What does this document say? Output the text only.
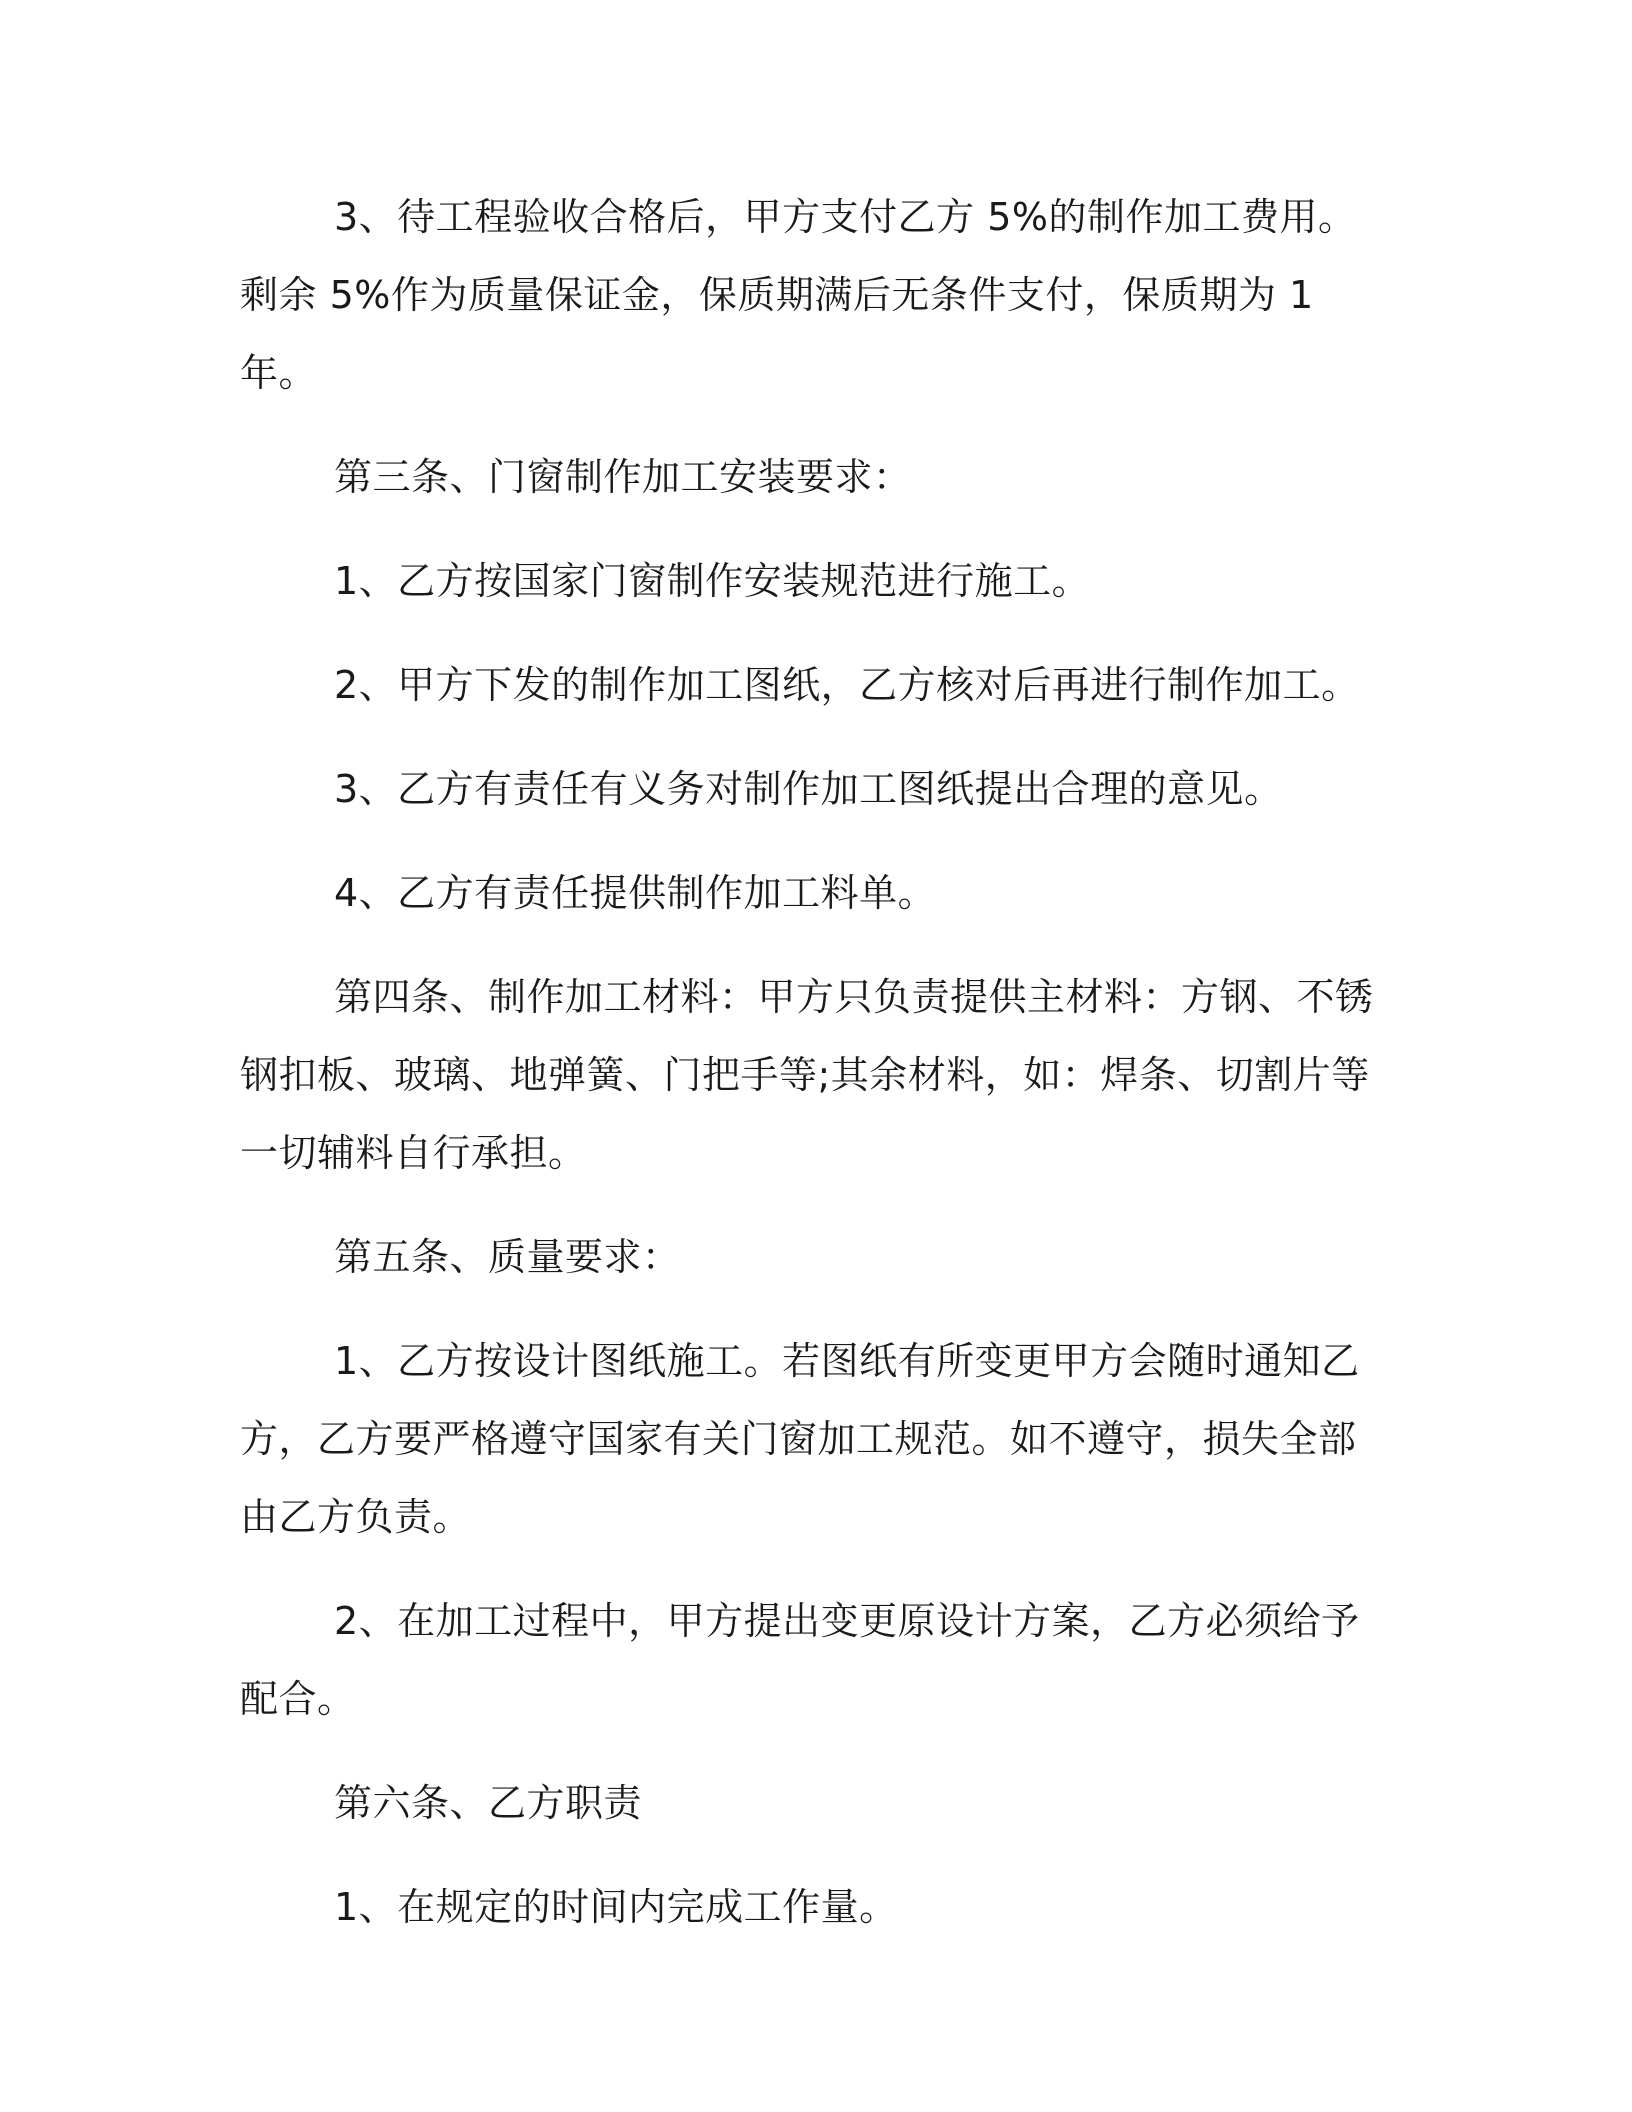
3、待工程验收合格后，甲方支付乙方 5%的制作加工费用。剩余 5%作为质量保证金，保质期满后无条件支付，保质期为 1 年。

第三条、门窗制作加工安装要求：

1、乙方按国家门窗制作安装规范进行施工。

2、甲方下发的制作加工图纸，乙方核对后再进行制作加工。

3、乙方有责任有义务对制作加工图纸提出合理的意见。

4、乙方有责任提供制作加工料单。

第四条、制作加工材料：甲方只负责提供主材料：方钢、不锈钢扣板、玻璃、地弹簧、门把手等;其余材料，如：焊条、切割片等一切辅料自行承担。

第五条、质量要求：

1、乙方按设计图纸施工。若图纸有所变更甲方会随时通知乙方，乙方要严格遵守国家有关门窗加工规范。如不遵守，损失全部由乙方负责。

2、在加工过程中，甲方提出变更原设计方案，乙方必须给予配合。

第六条、乙方职责

1、在规定的时间内完成工作量。
